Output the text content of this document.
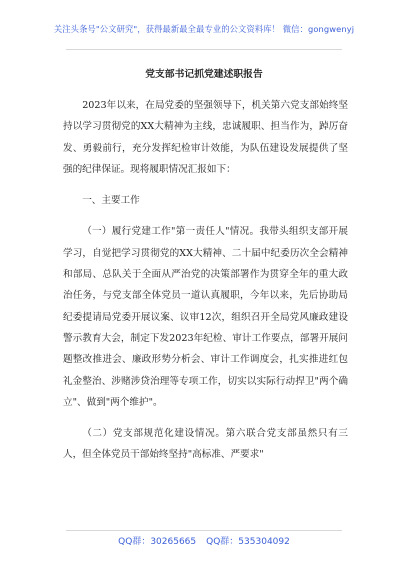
关注头条号"公文研究"，获得最新最全最专业的公文资料库！ 微信：gongwenyj
党支部书记抓党建述职报告

2023年以来，在局党委的坚强领导下，机关第六党支部始终坚持以学习贯彻党的XX大精神为主线，忠诚履职、担当作为，踔厉奋发、勇毅前行，充分发挥纪检审计效能，为队伍建设发展提供了坚强的纪律保证。现将履职情况汇报如下：

一、主要工作

（一）履行党建工作"第一责任人"情况。我带头组织支部开展学习，自觉把学习贯彻党的XX大精神、二十届中纪委历次全会精神和部局、总队关于全面从严治党的决策部署作为贯穿全年的重大政治任务，与党支部全体党员一道认真履职，今年以来，先后协助局纪委提请局党委开展议案、议审12次，组织召开全局党风廉政建设警示教育大会，制定下发2023年纪检、审计工作要点，部署开展问题整改推进会、廉政形势分析会、审计工作调度会，扎实推进红包礼金整治、涉赌涉贷治理等专项工作，切实以实际行动捍卫"两个确立"、做到"两个维护"。

（二）党支部规范化建设情况。第六联合党支部虽然只有三人，但全体党员干部始终坚持"高标准、严要求"

QQ群：30265665 QQ群：535304092
